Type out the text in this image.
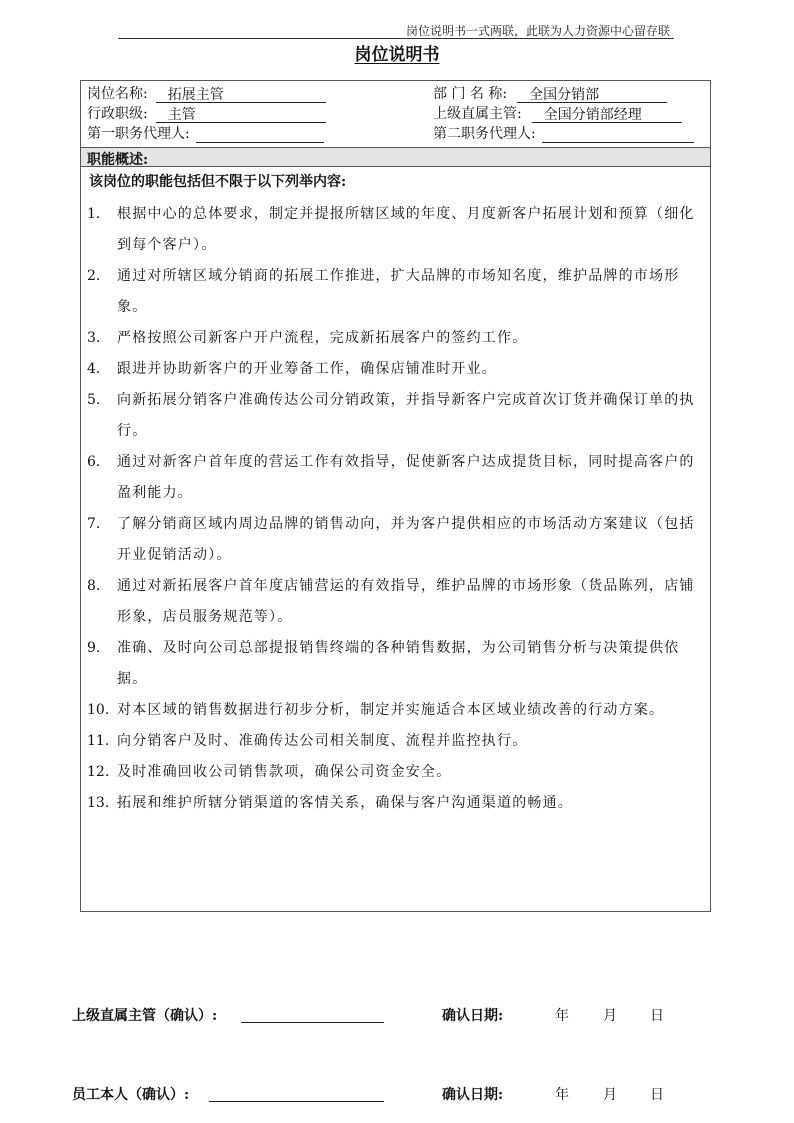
岗位说明书一式两联，此联为人力资源中心留存联
岗位说明书
岗位名称:	拓展主管	部 门 名 称:	全国分销部
行政职级:	主管	上级直属主管:	全国分销部经理
第一职务代理人:	第二职务代理人:
职能概述:
该岗位的职能包括但不限于以下列举内容:
1. 根据中心的总体要求，制定并提报所辖区域的年度、月度新客户拓展计划和预算（细化到每个客户）。
2. 通过对所辖区域分销商的拓展工作推进，扩大品牌的市场知名度，维护品牌的市场形象。
3. 严格按照公司新客户开户流程，完成新拓展客户的签约工作。
4. 跟进并协助新客户的开业筹备工作，确保店铺准时开业。
5. 向新拓展分销客户准确传达公司分销政策，并指导新客户完成首次订货并确保订单的执行。
6. 通过对新客户首年度的营运工作有效指导，促使新客户达成提货目标，同时提高客户的盈利能力。
7. 了解分销商区域内周边品牌的销售动向，并为客户提供相应的市场活动方案建议（包括开业促销活动）。
8. 通过对新拓展客户首年度店铺营运的有效指导，维护品牌的市场形象（货品陈列，店铺形象，店员服务规范等）。
9. 准确、及时向公司总部提报销售终端的各种销售数据，为公司销售分析与决策提供依据。
10. 对本区域的销售数据进行初步分析，制定并实施适合本区域业绩改善的行动方案。
11. 向分销客户及时、准确传达公司相关制度、流程并监控执行。
12. 及时准确回收公司销售款项，确保公司资金安全。
13. 拓展和维护所辖分销渠道的客情关系，确保与客户沟通渠道的畅通。
上级直属主管（确认）:	确认日期:	年 月 日
员工本人（确认）:	确认日期:	年 月 日
